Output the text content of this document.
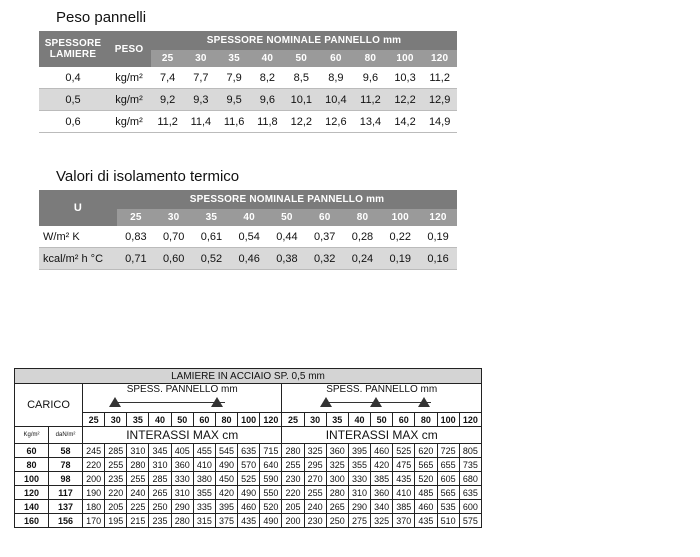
Peso pannelli
SPESSORE
LAMIERE	PESO	SPESSORE NOMINALE PANNELLO mm								
		25	30	35	40	50	60	80	100	120
0,4	kg/m²	7,4	7,7	7,9	8,2	8,5	8,9	9,6	10,3	11,2
0,5	kg/m²	9,2	9,3	9,5	9,6	10,1	10,4	11,2	12,2	12,9
0,6	kg/m²	11,2	11,4	11,6	11,8	12,2	12,6	13,4	14,2	14,9
Valori di isolamento termico
U	SPESSORE NOMINALE PANNELLO mm								
	25	30	35	40	50	60	80	100	120
W/m² K	0,83	0,70	0,61	0,54	0,44	0,37	0,28	0,22	0,19
kcal/m² h °C	0,71	0,60	0,52	0,46	0,38	0,32	0,24	0,19	0,16
LAMIERE IN ACCIAIO SP. 0,5 mm																			
CARICO		SPESS. PANNELLO mm									SPESS. PANNELLO mm								

		25	30	35	40	50	60	80	100	120	25	30	35	40	50	60	80	100	120
Kg/m²	daN/m²	INTERASSI MAX cm									INTERASSI MAX cm								
60	58	245	285	310	345	405	455	545	635	715	280	325	360	395	460	525	620	725	805
80	78	220	255	280	310	360	410	490	570	640	255	295	325	355	420	475	565	655	735
100	98	200	235	255	285	330	380	450	525	590	230	270	300	330	385	435	520	605	680
120	117	190	220	240	265	310	355	420	490	550	220	255	280	310	360	410	485	565	635
140	137	180	205	225	250	290	335	395	460	520	205	240	265	290	340	385	460	535	600
160	156	170	195	215	235	280	315	375	435	490	200	230	250	275	325	370	435	510	575
